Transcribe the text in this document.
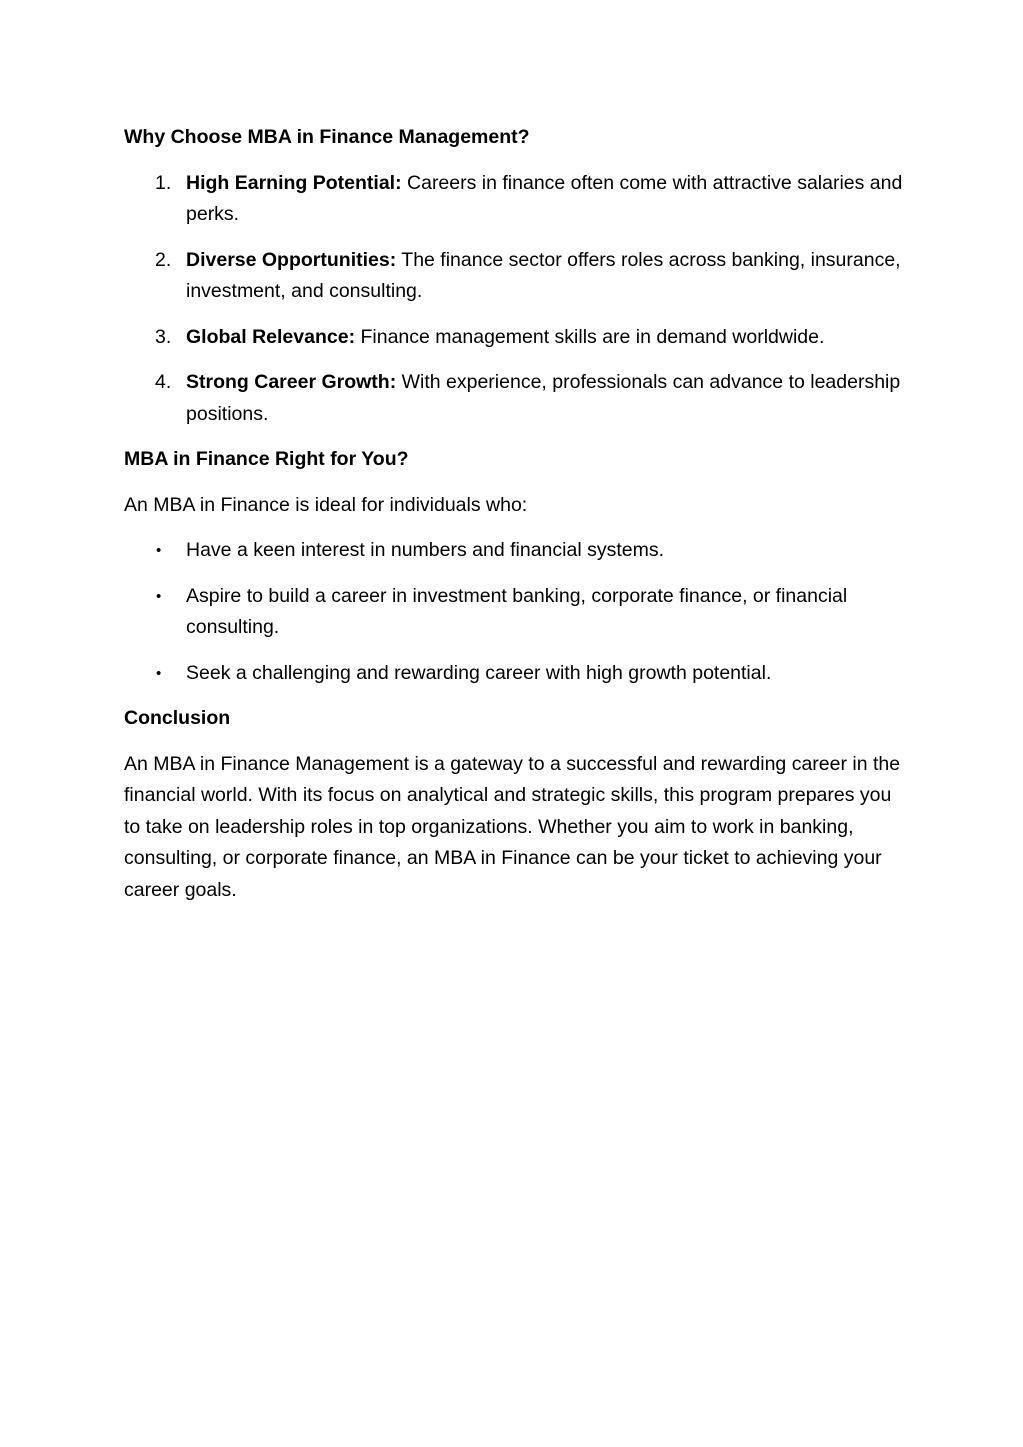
Why Choose MBA in Finance Management?
1. High Earning Potential: Careers in finance often come with attractive salaries and perks.
2. Diverse Opportunities: The finance sector offers roles across banking, insurance, investment, and consulting.
3. Global Relevance: Finance management skills are in demand worldwide.
4. Strong Career Growth: With experience, professionals can advance to leadership positions.
MBA in Finance Right for You?
An MBA in Finance is ideal for individuals who:
• Have a keen interest in numbers and financial systems.
• Aspire to build a career in investment banking, corporate finance, or financial consulting.
• Seek a challenging and rewarding career with high growth potential.
Conclusion
An MBA in Finance Management is a gateway to a successful and rewarding career in the financial world. With its focus on analytical and strategic skills, this program prepares you to take on leadership roles in top organizations. Whether you aim to work in banking, consulting, or corporate finance, an MBA in Finance can be your ticket to achieving your career goals.
